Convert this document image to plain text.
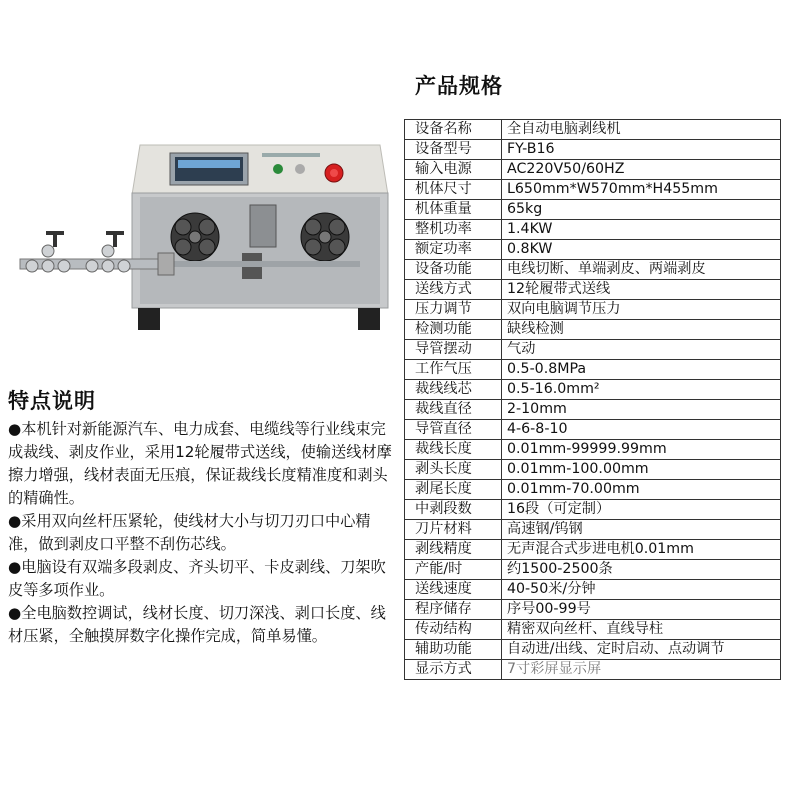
产品规格
设备名称	全自动电脑剥线机
设备型号	FY-B16
输入电源	AC220V50/60HZ
机体尺寸	L650mm*W570mm*H455mm
机体重量	65kg
整机功率	1.4KW
额定功率	0.8KW
设备功能	电线切断、单端剥皮、两端剥皮
送线方式	12轮履带式送线
压力调节	双向电脑调节压力
检测功能	缺线检测
导管摆动	气动
工作气压	0.5-0.8MPa
裁线线芯	0.5-16.0mm²
裁线直径	2-10mm
导管直径	4-6-8-10
裁线长度	0.01mm-99999.99mm
剥头长度	0.01mm-100.00mm
剥尾长度	0.01mm-70.00mm
中剥段数	16段（可定制）
刀片材料	高速钢/钨钢
剥线精度	无声混合式步进电机0.01mm
产能/时	约1500-2500条
送线速度	40-50米/分钟
程序储存	序号00-99号
传动结构	精密双向丝杆、直线导柱
辅助功能	自动进/出线、定时启动、点动调节
显示方式	7寸彩屏显示屏
特点说明

●本机针对新能源汽车、电力成套、电缆线等行业线束完成裁线、剥皮作业，采用12轮履带式送线，使输送线材摩擦力增强，线材表面无压痕，保证裁线长度精准度和剥头的精确性。

●采用双向丝杆压紧轮，使线材大小与切刀刃口中心精准，做到剥皮口平整不刮伤芯线。

●电脑设有双端多段剥皮、齐头切平、卡皮剥线、刀架吹皮等多项作业。

●全电脑数控调试，线材长度、切刀深浅、剥口长度、线材压紧，全触摸屏数字化操作完成，简单易懂。
